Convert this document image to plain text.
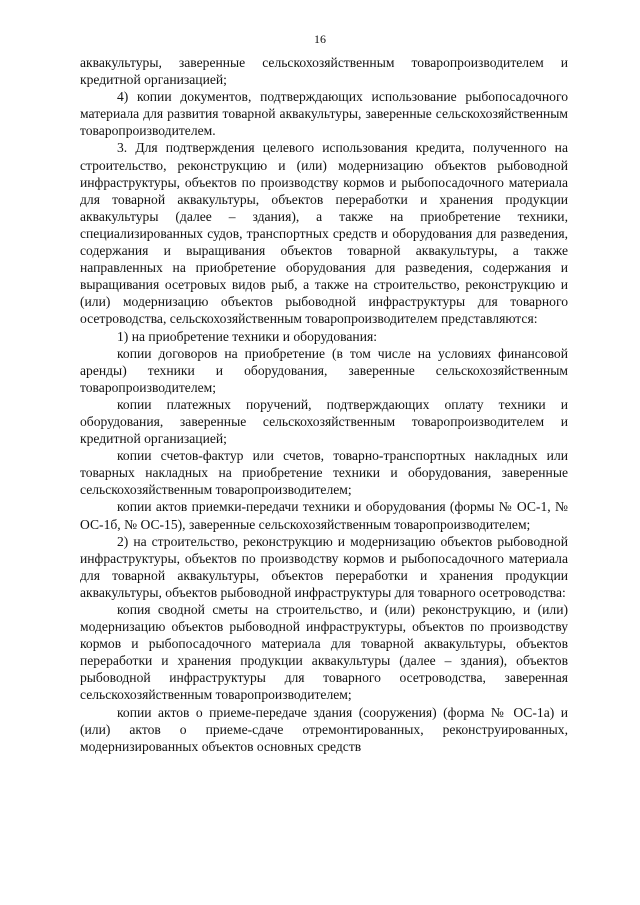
16

аквакультуры, заверенные сельскохозяйственным товаропроизводителем и кредитной организацией;

4) копии документов, подтверждающих использование рыбопосадочного материала для развития товарной аквакультуры, заверенные сельскохозяйственным товаропроизводителем.

3. Для подтверждения целевого использования кредита, полученного на строительство, реконструкцию и (или) модернизацию объектов рыбоводной инфраструктуры, объектов по производству кормов и рыбопосадочного материала для товарной аквакультуры, объектов переработки и хранения продукции аквакультуры (далее – здания), а также на приобретение техники, специализированных судов, транспортных средств и оборудования для разведения, содержания и выращивания объектов товарной аквакультуры, а также направленных на приобретение оборудования для разведения, содержания и выращивания осетровых видов рыб, а также на строительство, реконструкцию и (или) модернизацию объектов рыбоводной инфраструктуры для товарного осетроводства, сельскохозяйственным товаропроизводителем представляются:

1) на приобретение техники и оборудования:

копии договоров на приобретение (в том числе на условиях финансовой аренды) техники и оборудования, заверенные сельскохозяйственным товаропроизводителем;

копии платежных поручений, подтверждающих оплату техники и оборудования, заверенные сельскохозяйственным товаропроизводителем и кредитной организацией;

копии счетов-фактур или счетов, товарно-транспортных накладных или товарных накладных на приобретение техники и оборудования, заверенные сельскохозяйственным товаропроизводителем;

копии актов приемки-передачи техники и оборудования (формы № ОС-1, № ОС-1б, № ОС-15), заверенные сельскохозяйственным товаропроизводителем;

2) на строительство, реконструкцию и модернизацию объектов рыбоводной инфраструктуры, объектов по производству кормов и рыбопосадочного материала для товарной аквакультуры, объектов переработки и хранения продукции аквакультуры, объектов рыбоводной инфраструктуры для товарного осетроводства:

копия сводной сметы на строительство, и (или) реконструкцию, и (или) модернизацию объектов рыбоводной инфраструктуры, объектов по производству кормов и рыбопосадочного материала для товарной аквакультуры, объектов переработки и хранения продукции аквакультуры (далее – здания), объектов рыбоводной инфраструктуры для товарного осетроводства, заверенная сельскохозяйственным товаропроизводителем;

копии актов о приеме-передаче здания (сооружения) (форма № ОС-1а) и (или) актов о приеме-сдаче отремонтированных, реконструированных, модернизированных объектов основных средств
